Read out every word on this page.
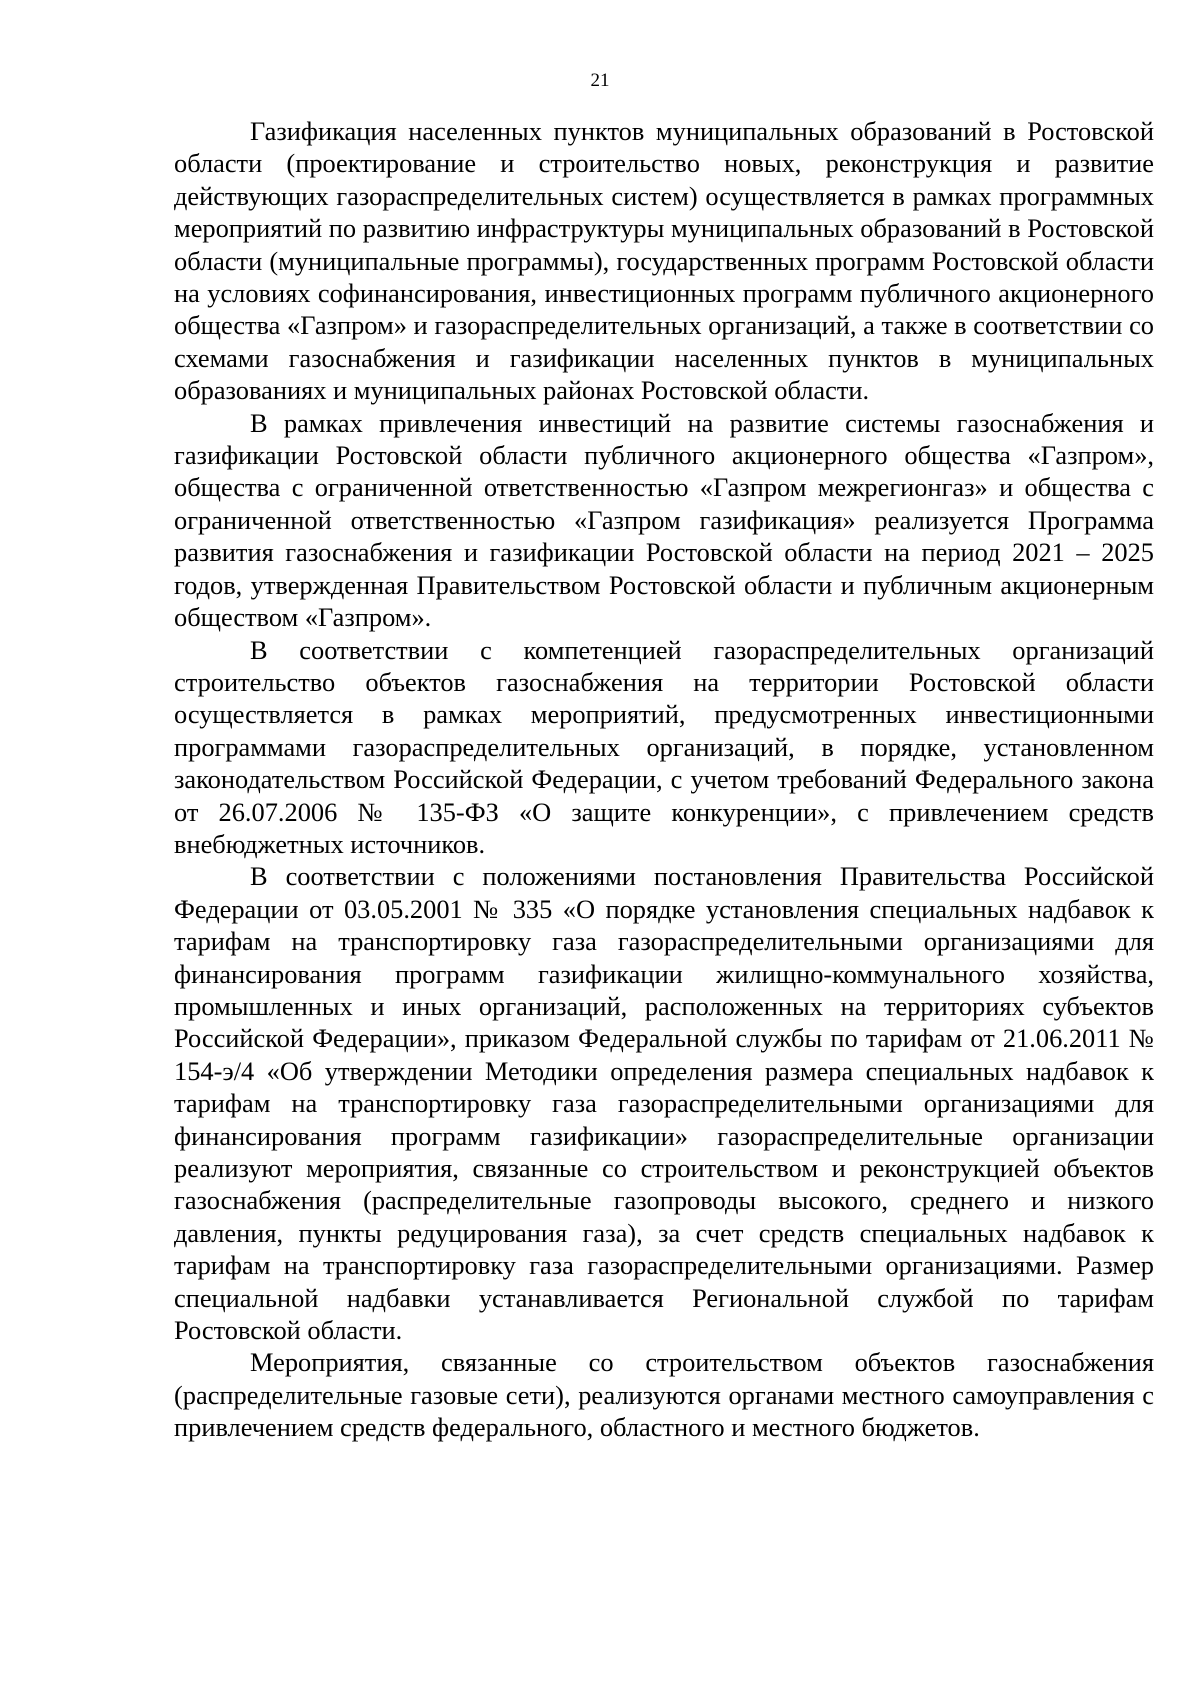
21

Газификация населенных пунктов муниципальных образований в Ростовской области (проектирование и строительство новых, реконструкция и развитие действующих газораспределительных систем) осуществляется в рамках программных мероприятий по развитию инфраструктуры муниципальных образований в Ростовской области (муниципальные программы), государственных программ Ростовской области на условиях софинансирования, инвестиционных программ публичного акционерного общества «Газпром» и газораспределительных организаций, а также в соответствии со схемами газоснабжения и газификации населенных пунктов в муниципальных образованиях и муниципальных районах Ростовской области.

В рамках привлечения инвестиций на развитие системы газоснабжения и газификации Ростовской области публичного акционерного общества «Газпром», общества с ограниченной ответственностью «Газпром межрегионгаз» и общества с ограниченной ответственностью «Газпром газификация» реализуется Программа развития газоснабжения и газификации Ростовской области на период 2021 – 2025 годов, утвержденная Правительством Ростовской области и публичным акционерным обществом «Газпром».

В соответствии с компетенцией газораспределительных организаций строительство объектов газоснабжения на территории Ростовской области осуществляется в рамках мероприятий, предусмотренных инвестиционными программами газораспределительных организаций, в порядке, установленном законодательством Российской Федерации, с учетом требований Федерального закона от 26.07.2006 № 135-ФЗ «О защите конкуренции», с привлечением средств внебюджетных источников.

В соответствии с положениями постановления Правительства Российской Федерации от 03.05.2001 № 335 «О порядке установления специальных надбавок к тарифам на транспортировку газа газораспределительными организациями для финансирования программ газификации жилищно-коммунального хозяйства, промышленных и иных организаций, расположенных на территориях субъектов Российской Федерации», приказом Федеральной службы по тарифам от 21.06.2011 № 154-э/4 «Об утверждении Методики определения размера специальных надбавок к тарифам на транспортировку газа газораспределительными организациями для финансирования программ газификации» газораспределительные организации реализуют мероприятия, связанные со строительством и реконструкцией объектов газоснабжения (распределительные газопроводы высокого, среднего и низкого давления, пункты редуцирования газа), за счет средств специальных надбавок к тарифам на транспортировку газа газораспределительными организациями. Размер специальной надбавки устанавливается Региональной службой по тарифам Ростовской области.

Мероприятия, связанные со строительством объектов газоснабжения (распределительные газовые сети), реализуются органами местного самоуправления с привлечением средств федерального, областного и местного бюджетов.
